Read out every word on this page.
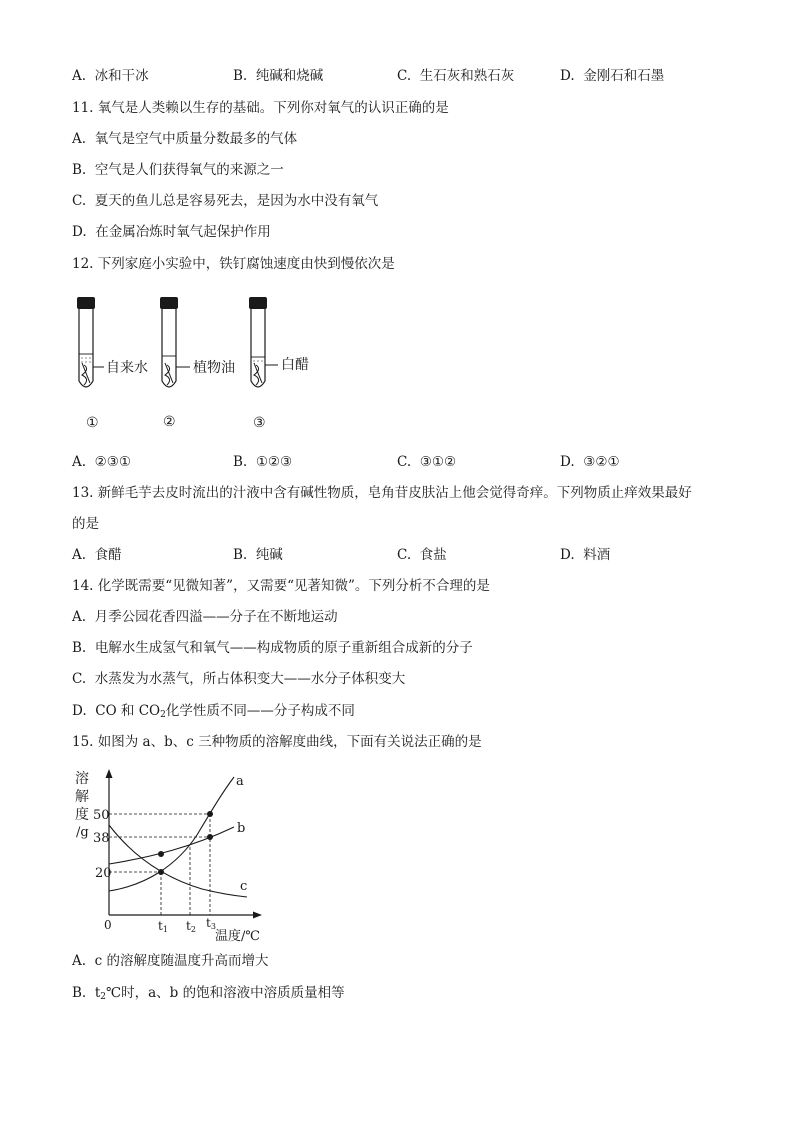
A. 冰和干冰	B. 纯碱和烧碱	C. 生石灰和熟石灰	D. 金刚石和石墨
11. 氧气是人类赖以生存的基础。下列你对氧气的认识正确的是
A. 氧气是空气中质量分数最多的气体
B. 空气是人们获得氧气的来源之一
C. 夏天的鱼儿总是容易死去，是因为水中没有氧气
D. 在金属冶炼时氧气起保护作用
12. 下列家庭小实验中，铁钉腐蚀速度由快到慢依次是
自来水	植物油	白醋
①	②	③
A. ②③①	B. ①②③	C. ③①②	D. ③②①
13. 新鲜毛芋去皮时流出的汁液中含有碱性物质，皂角苷皮肤沾上他会觉得奇痒。下列物质止痒效果最好
的是
A. 食醋	B. 纯碱	C. 食盐	D. 料酒
14. 化学既需要“见微知著”，又需要“见著知微”。下列分析不合理的是
A. 月季公园花香四溢——分子在不断地运动
B. 电解水生成氢气和氧气——构成物质的原子重新组合成新的分子
C. 水蒸发为水蒸气，所占体积变大——水分子体积变大
D. CO 和 $CO_2$化学性质不同——分子构成不同
15. 如图为 a、b、c 三种物质的溶解度曲线，下面有关说法正确的是
a
b
c
溶
解
度
/g
50
38
20
0	t1 t2 t3
温度/℃
A. c 的溶解度随温度升高而增大
B. $t_2℃$时，a、b 的饱和溶液中溶质质量相等
